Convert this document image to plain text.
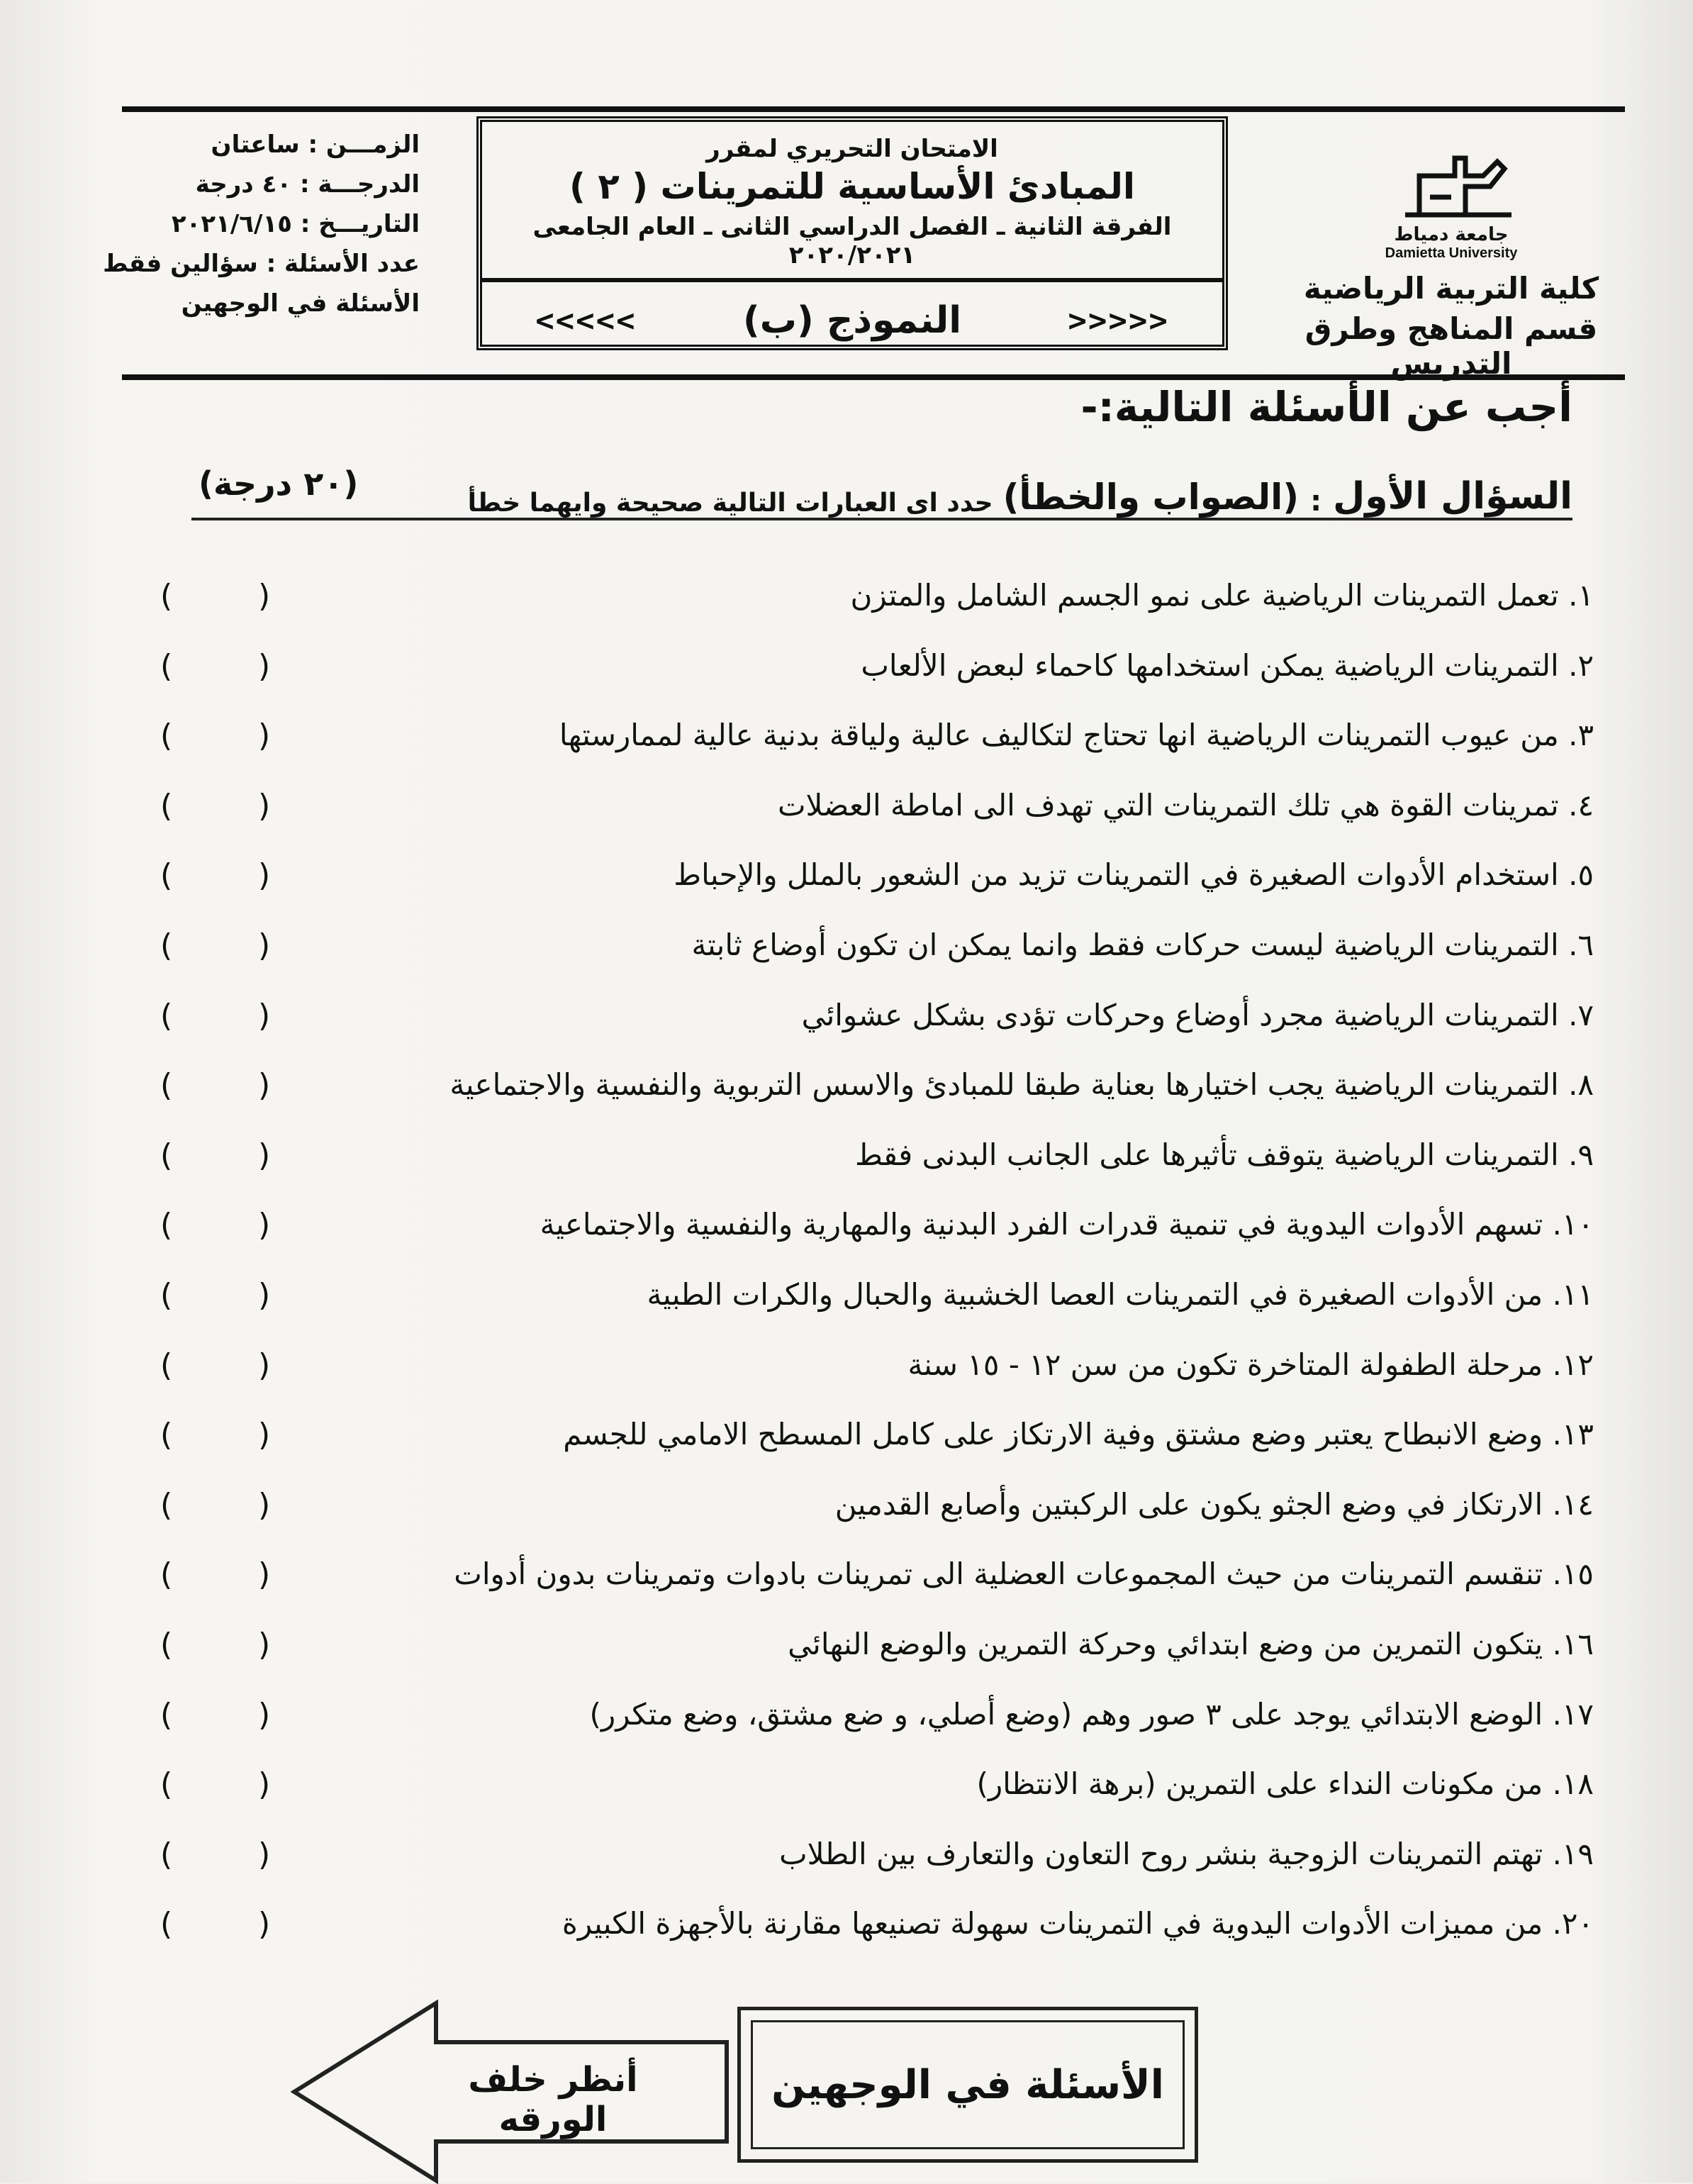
جامعة دمياط
Damietta University
كلية التربية الرياضية
قسم المناهج وطرق التدريس
الامتحان التحريري لمقرر
المبادئ الأساسية للتمرينات ( ٢ )
الفرقة الثانية ـ الفصل الدراسي الثانى ـ العام الجامعى ٢٠٢٠/٢٠٢١
>>>>>
النموذج (ب)
<<<<<
الزمـــن : ساعتان
الدرجـــة : ٤٠ درجة
التاريـــخ : ٢٠٢١/٦/١٥
عدد الأسئلة : سؤالين فقط
الأسئلة في الوجهين
أجب عن الأسئلة التالية:-
السؤال الأول
:
(الصواب والخطأ)
حدد اى العبارات التالية صحيحة وايهما خطأ
(٢٠ درجة)
١. تعمل التمرينات الرياضية على نمو الجسم الشامل والمتزن
(
)
٢. التمرينات الرياضية يمكن استخدامها كاحماء لبعض الألعاب
(
)
٣. من عيوب التمرينات الرياضية انها تحتاج لتكاليف عالية ولياقة بدنية عالية لممارستها
(
)
٤. تمرينات القوة هي تلك التمرينات التي تهدف الى اماطة العضلات
(
)
٥. استخدام الأدوات الصغيرة في التمرينات تزيد من الشعور بالملل والإحباط
(
)
٦. التمرينات الرياضية ليست حركات فقط وانما يمكن ان تكون أوضاع ثابتة
(
)
٧. التمرينات الرياضية مجرد أوضاع وحركات تؤدى بشكل عشوائي
(
)
٨. التمرينات الرياضية يجب اختيارها بعناية طبقا للمبادئ والاسس التربوية والنفسية والاجتماعية
(
)
٩. التمرينات الرياضية يتوقف تأثيرها على الجانب البدنى فقط
(
)
١٠. تسهم الأدوات اليدوية في تنمية قدرات الفرد البدنية والمهارية والنفسية والاجتماعية
(
)
١١. من الأدوات الصغيرة في التمرينات العصا الخشبية والحبال والكرات الطبية
(
)
١٢. مرحلة الطفولة المتاخرة تكون من سن ١٢ - ١٥ سنة
(
)
١٣. وضع الانبطاح يعتبر وضع مشتق وفية الارتكاز على كامل المسطح الامامي للجسم
(
)
١٤. الارتكاز في وضع الجثو يكون على الركبتين وأصابع القدمين
(
)
١٥. تنقسم التمرينات من حيث المجموعات العضلية الى تمرينات بادوات وتمرينات بدون أدوات
(
)
١٦. يتكون التمرين من وضع ابتدائي وحركة التمرين والوضع النهائي
(
)
١٧. الوضع الابتدائي يوجد على ٣ صور وهم (وضع أصلي، و ضع مشتق، وضع متكرر)
(
)
١٨. من مكونات النداء على التمرين (برهة الانتظار)
(
)
١٩. تهتم التمرينات الزوجية بنشر روح التعاون والتعارف بين الطلاب
(
)
٢٠. من مميزات الأدوات اليدوية في التمرينات سهولة تصنيعها مقارنة بالأجهزة الكبيرة
(
)
أنظر خلف الورقه
الأسئلة في الوجهين
